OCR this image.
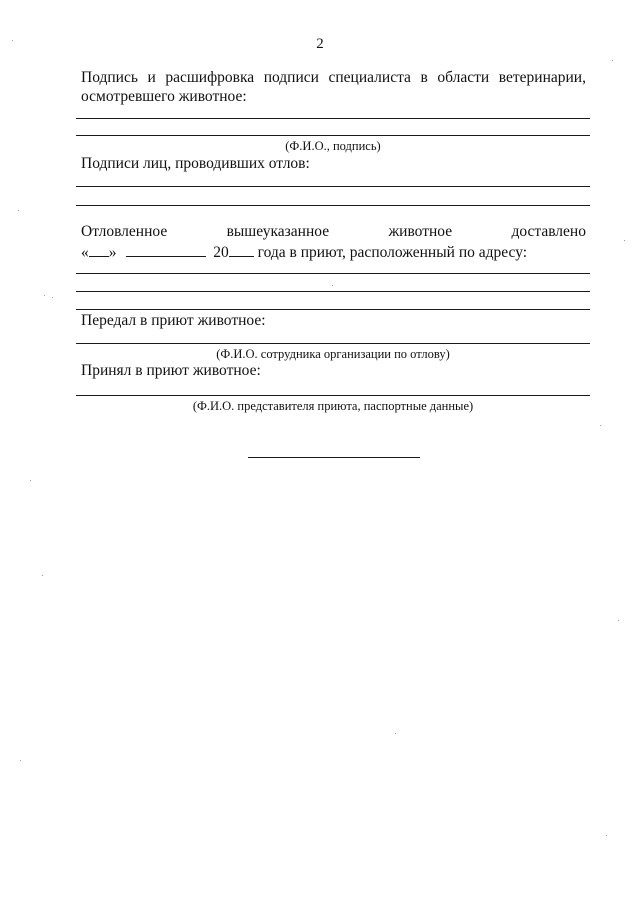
2
Подпись и расшифровка подписи специалиста в области ветеринарии,
осмотревшего животное:
(Ф.И.О., подпись)
Подписи лиц, проводивших отлов:
Отловленное	вышеуказанное	животное	доставлено
« »	20 года в приют, расположенный по адресу:
Передал в приют животное:
(Ф.И.О. сотрудника организации по отлову)
Принял в приют животное:
(Ф.И.О. представителя приюта, паспортные данные)
